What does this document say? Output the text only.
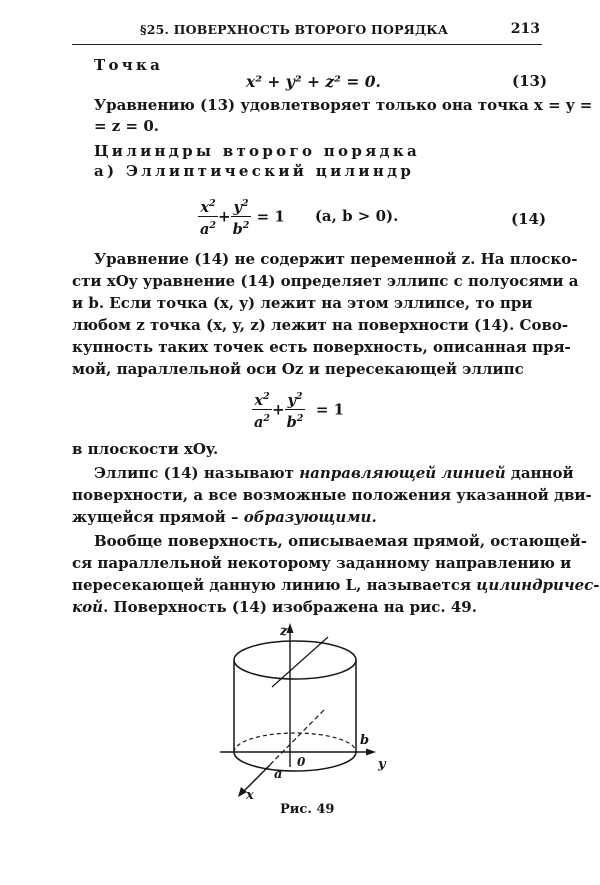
§25. ПОВЕРХНОСТЬ ВТОРОГО ПОРЯДКА	213
Точка
x² + y² + z² = 0.	(13)
Уравнению (13) удовлетворяет только она точка x = y =
= z = 0.
Цилиндры второго порядка
а) Эллиптический цилиндр
$\frac{x^2}{a^2} + \frac{y^2}{b^2} = 1$ (a, b > 0).	(14)
Уравнение (14) не содержит переменной z. На плоско-
сти xOy уравнение (14) определяет эллипс с полуосями a
и b. Если точка (x, y) лежит на этом эллипсе, то при
любом z точка (x, y, z) лежит на поверхности (14). Сово-
купность таких точек есть поверхность, описанная пря-
мой, параллельной оси Oz и пересекающей эллипс
$\frac{x^2}{a^2} + \frac{y^2}{b^2} = 1$
в плоскости xOy.
Эллипс (14) называют направляющей линией данной
поверхности, а все возможные положения указанной дви-
жущейся прямой – образующими.
Вообще поверхность, описываемая прямой, остающей-
ся параллельной некоторому заданному направлению и
пересекающей данную линию L, называется цилиндричес-
кой. Поверхность (14) изображена на рис. 49.
z
y
x
0
b
a
Рис. 49
